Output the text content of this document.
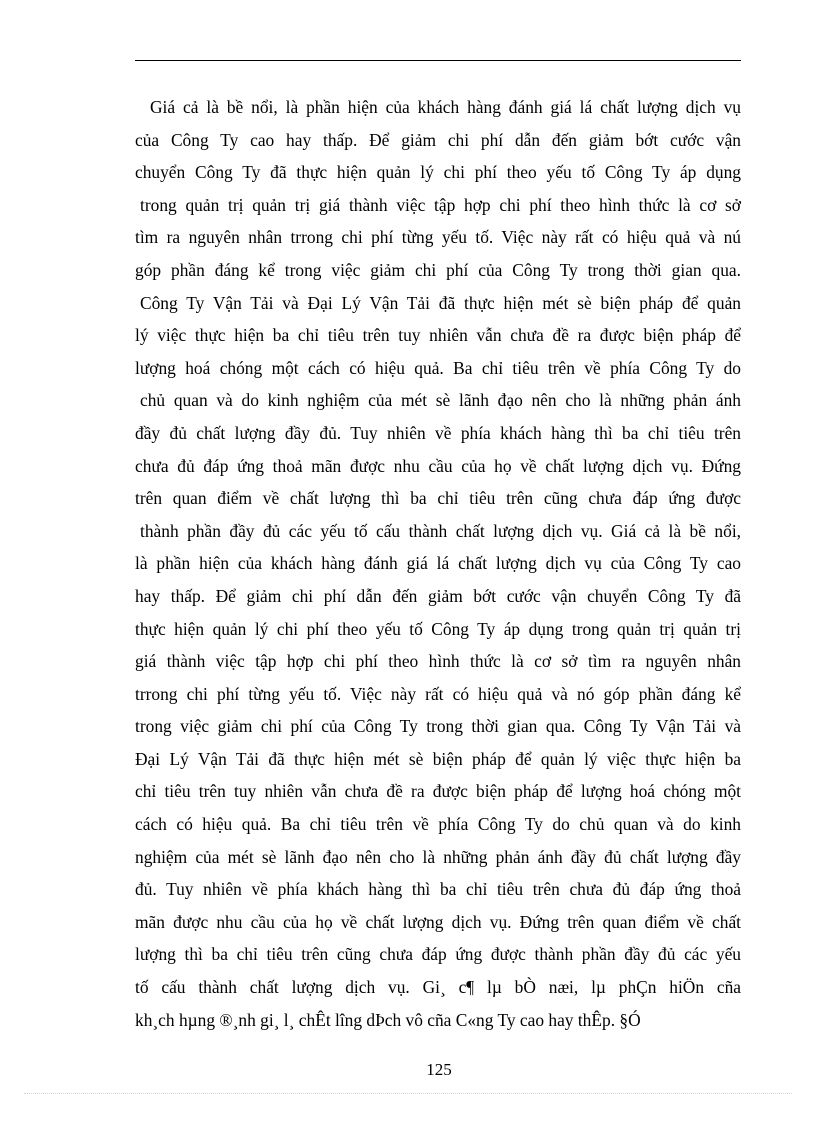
Giá cả là bề nổi, là phần hiện của khách hàng đánh giá lá chất lượng dịch vụ
của Công Ty cao hay thấp. Để giảm chi phí dẫn đến giảm bớt cước vận
chuyển Công Ty đã thực hiện quản lý chi phí theo yếu tố Công Ty áp dụng
trong quản trị quản trị giá thành việc tập hợp chi phí theo hình thức là cơ sở
tìm ra nguyên nhân trrong chi phí từng yếu tố. Việc này rất có hiệu quả và nú
góp phần đáng kể trong việc giảm chi phí của Công Ty trong thời gian qua.
Công Ty Vận Tải và Đại Lý Vận Tải đã thực hiện mét sè biện pháp để quản
lý việc thực hiện ba chỉ tiêu trên tuy nhiên vẫn chưa đề ra được biện pháp để
lượng hoá chóng một cách có hiệu quả. Ba chỉ tiêu trên về phía Công Ty do
chủ quan và do kinh nghiệm của mét sè lãnh đạo nên cho là những phản ánh
đầy đủ chất lượng đầy đủ. Tuy nhiên về phía khách hàng thì ba chỉ tiêu trên
chưa đủ đáp ứng thoả mãn được nhu cầu của họ về chất lượng dịch vụ. Đứng
trên quan điểm về chất lượng thì ba chỉ tiêu trên cũng chưa đáp ứng được
thành phần đầy đủ các yếu tố cấu thành chất lượng dịch vụ. Giá cả là bề nổi,
là phần hiện của khách hàng đánh giá lá chất lượng dịch vụ của Công Ty cao
hay thấp. Để giảm chi phí dẫn đến giảm bớt cước vận chuyển Công Ty đã
thực hiện quản lý chi phí theo yếu tố Công Ty áp dụng trong quản trị quản trị
giá thành việc tập hợp chi phí theo hình thức là cơ sở tìm ra nguyên nhân
trrong chi phí từng yếu tố. Việc này rất có hiệu quả và nó góp phần đáng kể
trong việc giảm chi phí của Công Ty trong thời gian qua. Công Ty Vận Tải và
Đại Lý Vận Tải đã thực hiện mét sè biện pháp để quản lý việc thực hiện ba
chỉ tiêu trên tuy nhiên vẫn chưa đề ra được biện pháp để lượng hoá chóng một
cách có hiệu quả. Ba chỉ tiêu trên về phía Công Ty do chủ quan và do kinh
nghiệm của mét sè lãnh đạo nên cho là những phản ánh đầy đủ chất lượng đầy
đủ. Tuy nhiên về phía khách hàng thì ba chỉ tiêu trên chưa đủ đáp ứng thoả
mãn được nhu cầu của họ về chất lượng dịch vụ. Đứng trên quan điểm về chất
lượng thì ba chỉ tiêu trên cũng chưa đáp ứng được thành phần đầy đủ các yếu
tố cấu thành chất lượng dịch vụ. Gi¸ c¶ lµ bÒ næi, lµ phÇn hiÖn cña
kh¸ch hµng ®¸nh gi¸ l¸ chÊt lîng dÞch vô cña C«ng Ty cao hay thÊp. §Ó
125
